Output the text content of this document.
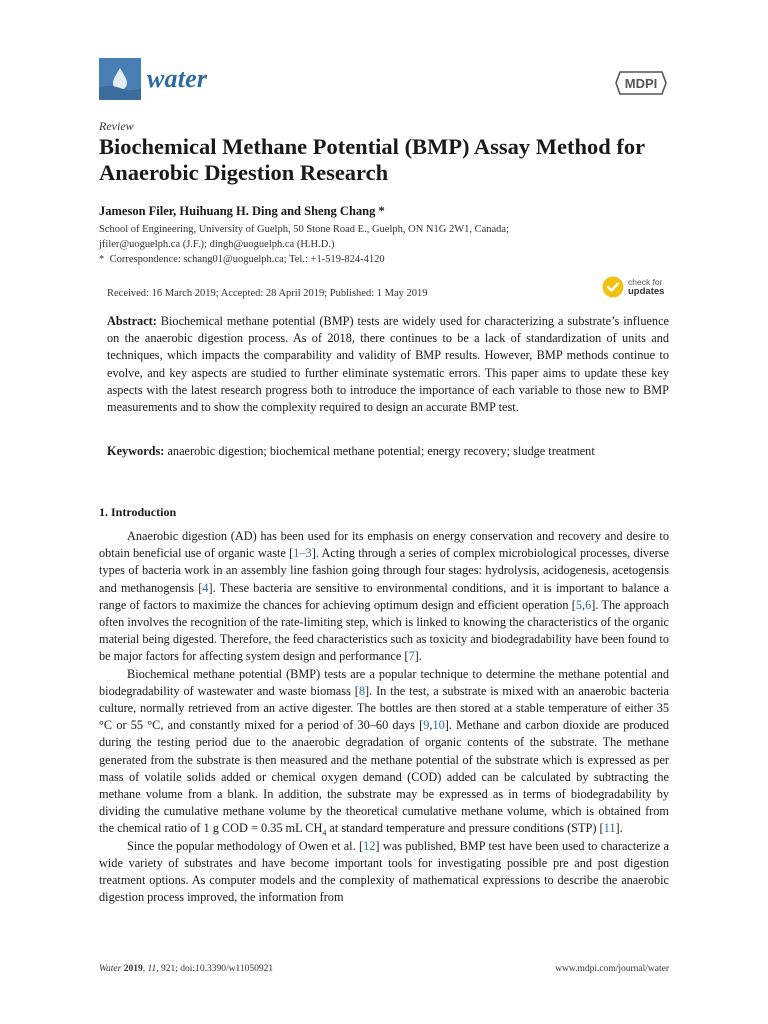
water	MDPI
Review
Biochemical Methane Potential (BMP) Assay Method for Anaerobic Digestion Research
Jameson Filer, Huihuang H. Ding and Sheng Chang *
School of Engineering, University of Guelph, 50 Stone Road E., Guelph, ON N1G 2W1, Canada;
jfiler@uoguelph.ca (J.F.); dingh@uoguelph.ca (H.H.D.)
* Correspondence: schang01@uoguelph.ca; Tel.: +1-519-824-4120
Received: 16 March 2019; Accepted: 28 April 2019; Published: 1 May 2019
check for
updates

Abstract: Biochemical methane potential (BMP) tests are widely used for characterizing a substrate’s influence on the anaerobic digestion process. As of 2018, there continues to be a lack of standardization of units and techniques, which impacts the comparability and validity of BMP results. However, BMP methods continue to evolve, and key aspects are studied to further eliminate systematic errors. This paper aims to update these key aspects with the latest research progress both to introduce the importance of each variable to those new to BMP measurements and to show the complexity required to design an accurate BMP test.

Keywords: anaerobic digestion; biochemical methane potential; energy recovery; sludge treatment

1. Introduction

Anaerobic digestion (AD) has been used for its emphasis on energy conservation and recovery and desire to obtain beneficial use of organic waste [1–3]. Acting through a series of complex microbiological processes, diverse types of bacteria work in an assembly line fashion going through four stages: hydrolysis, acidogenesis, acetogensis and methanogensis [4]. These bacteria are sensitive to environmental conditions, and it is important to balance a range of factors to maximize the chances for achieving optimum design and efficient operation [5,6]. The approach often involves the recognition of the rate-limiting step, which is linked to knowing the characteristics of the organic material being digested. Therefore, the feed characteristics such as toxicity and biodegradability have been found to be major factors for affecting system design and performance [7].

Biochemical methane potential (BMP) tests are a popular technique to determine the methane potential and biodegradability of wastewater and waste biomass [8]. In the test, a substrate is mixed with an anaerobic bacteria culture, normally retrieved from an active digester. The bottles are then stored at a stable temperature of either 35 °C or 55 °C, and constantly mixed for a period of 30–60 days [9,10]. Methane and carbon dioxide are produced during the testing period due to the anaerobic degradation of organic contents of the substrate. The methane generated from the substrate is then measured and the methane potential of the substrate which is expressed as per mass of volatile solids added or chemical oxygen demand (COD) added can be calculated by subtracting the methane volume from a blank. In addition, the substrate may be expressed as in terms of biodegradability by dividing the cumulative methane volume by the theoretical cumulative methane volume, which is obtained from the chemical ratio of 1 g COD = 0.35 mL $CH_4$ at standard temperature and pressure conditions (STP) [11].

Since the popular methodology of Owen et al. [12] was published, BMP test have been used to characterize a wide variety of substrates and have become important tools for investigating possible pre and post digestion treatment options. As computer models and the complexity of mathematical expressions to describe the anaerobic digestion process improved, the information from

Water 2019, 11, 921; doi:10.3390/w11050921	www.mdpi.com/journal/water
